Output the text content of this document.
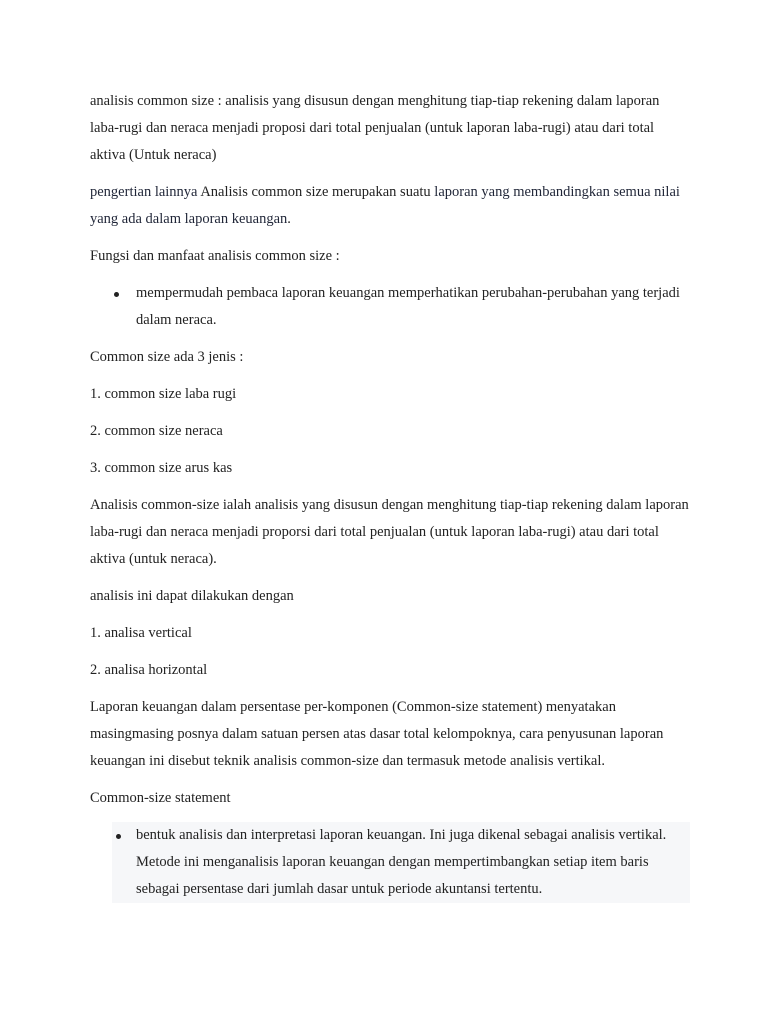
analisis common size : analisis yang disusun dengan menghitung tiap-tiap rekening dalam laporan laba-rugi dan neraca menjadi proposi dari total penjualan (untuk laporan laba-rugi) atau dari total aktiva (Untuk neraca)

pengertian lainnya Analisis common size merupakan suatu laporan yang membandingkan semua nilai yang ada dalam laporan keuangan.

Fungsi dan manfaat analisis common size :

mempermudah pembaca laporan keuangan memperhatikan perubahan-perubahan yang terjadi dalam neraca.

Common size ada 3 jenis :

1. common size laba rugi

2. common size neraca

3. common size arus kas

Analisis common-size ialah analisis yang disusun dengan menghitung tiap-tiap rekening dalam laporan laba-rugi dan neraca menjadi proporsi dari total penjualan (untuk laporan laba-rugi) atau dari total aktiva (untuk neraca).

analisis ini dapat dilakukan dengan

1. analisa vertical

2. analisa horizontal

Laporan keuangan dalam persentase per-komponen (Common-size statement) menyatakan masingmasing posnya dalam satuan persen atas dasar total kelompoknya, cara penyusunan laporan keuangan ini disebut teknik analisis common-size dan termasuk metode analisis vertikal.

Common-size statement

bentuk analisis dan interpretasi laporan keuangan. Ini juga dikenal sebagai analisis vertikal. Metode ini menganalisis laporan keuangan dengan mempertimbangkan setiap item baris sebagai persentase dari jumlah dasar untuk periode akuntansi tertentu.
